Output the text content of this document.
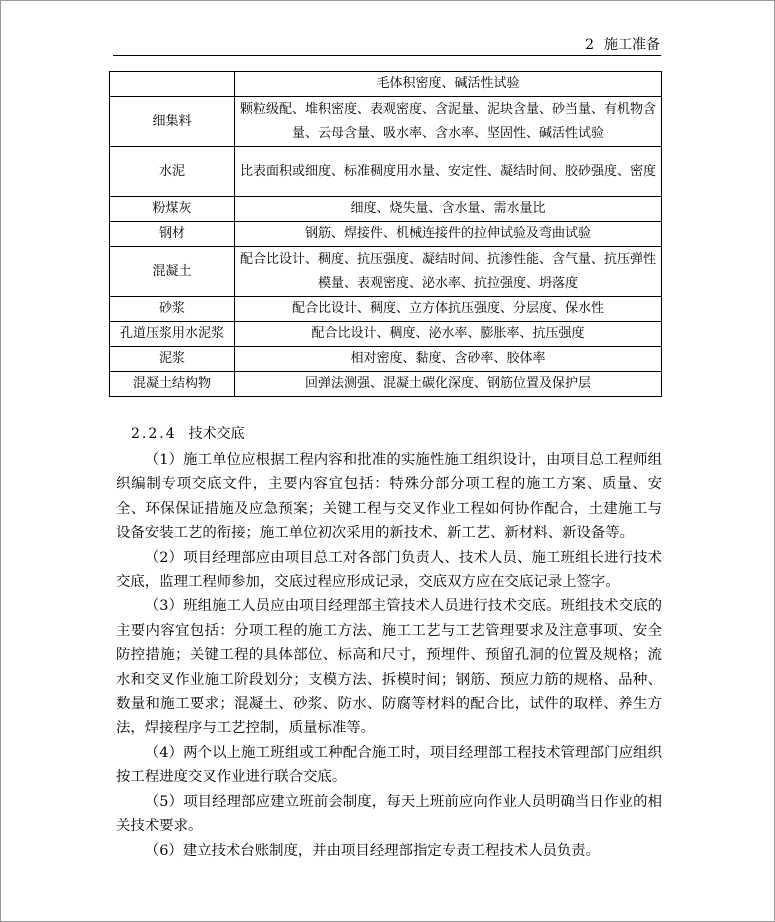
2 施工准备
	毛体积密度、碱活性试验
细集料	颗粒级配、堆积密度、表观密度、含泥量、泥块含量、砂当量、有机物含量、云母含量、吸水率、含水率、坚固性、碱活性试验
水泥	比表面积或细度、标准稠度用水量、安定性、凝结时间、胶砂强度、密度
粉煤灰	细度、烧失量、含水量、需水量比
钢材	钢筋、焊接件、机械连接件的拉伸试验及弯曲试验
混凝土	配合比设计、稠度、抗压强度、凝结时间、抗渗性能、含气量、抗压弹性模量、表观密度、泌水率、抗拉强度、坍落度
砂浆	配合比设计、稠度、立方体抗压强度、分层度、保水性
孔道压浆用水泥浆	配合比设计、稠度、泌水率、膨胀率、抗压强度
泥浆	相对密度、黏度、含砂率、胶体率
混凝土结构物	回弹法测强、混凝土碳化深度、钢筋位置及保护层
2.2.4 技术交底

（1）施工单位应根据工程内容和批准的实施性施工组织设计，由项目总工程师组织编制专项交底文件，主要内容宜包括：特殊分部分项工程的施工方案、质量、安全、环保保证措施及应急预案；关键工程与交叉作业工程如何协作配合，土建施工与设备安装工艺的衔接；施工单位初次采用的新技术、新工艺、新材料、新设备等。

（2）项目经理部应由项目总工对各部门负责人、技术人员、施工班组长进行技术交底，监理工程师参加，交底过程应形成记录，交底双方应在交底记录上签字。

（3）班组施工人员应由项目经理部主管技术人员进行技术交底。班组技术交底的主要内容宜包括：分项工程的施工方法、施工工艺与工艺管理要求及注意事项、安全防控措施；关键工程的具体部位、标高和尺寸，预埋件、预留孔洞的位置及规格；流水和交叉作业施工阶段划分；支模方法、拆模时间；钢筋、预应力筋的规格、品种、数量和施工要求；混凝土、砂浆、防水、防腐等材料的配合比，试件的取样、养生方法，焊接程序与工艺控制，质量标准等。

（4）两个以上施工班组或工种配合施工时，项目经理部工程技术管理部门应组织按工程进度交叉作业进行联合交底。

（5）项目经理部应建立班前会制度，每天上班前应向作业人员明确当日作业的相关技术要求。

（6）建立技术台账制度，并由项目经理部指定专责工程技术人员负责。
